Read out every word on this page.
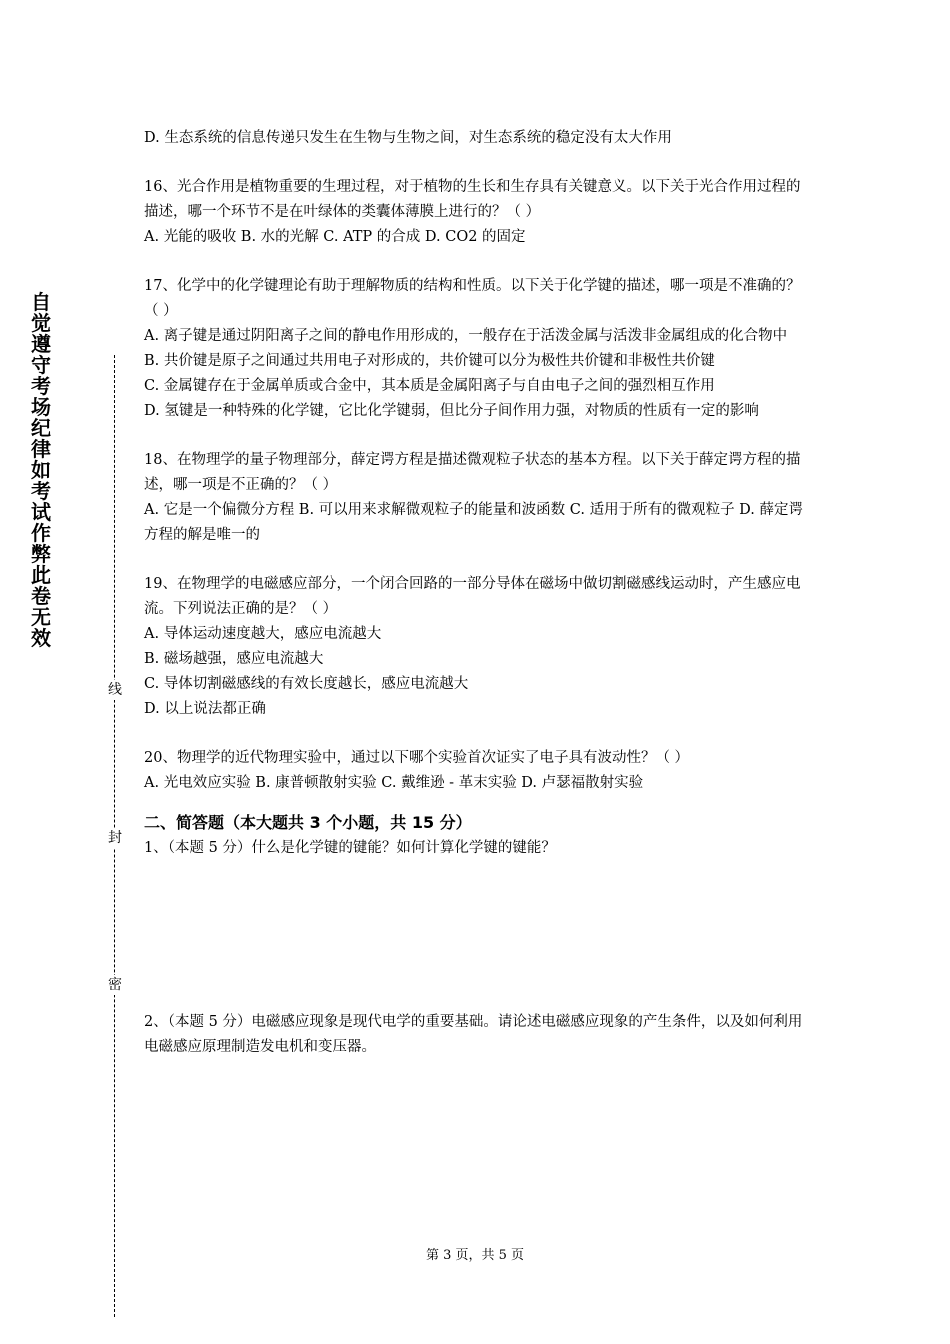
自觉遵守考场纪律如考试作弊此卷无效
线
封
密

D. 生态系统的信息传递只发生在生物与生物之间，对生态系统的稳定没有太大作用

16、光合作用是植物重要的生理过程，对于植物的生长和生存具有关键意义。以下关于光合作用过程的描述，哪一个环节不是在叶绿体的类囊体薄膜上进行的？（ ）

A. 光能的吸收 B. 水的光解 C. ATP 的合成 D. CO2 的固定

17、化学中的化学键理论有助于理解物质的结构和性质。以下关于化学键的描述，哪一项是不准确的？（ ）

A. 离子键是通过阴阳离子之间的静电作用形成的，一般存在于活泼金属与活泼非金属组成的化合物中

B. 共价键是原子之间通过共用电子对形成的，共价键可以分为极性共价键和非极性共价键

C. 金属键存在于金属单质或合金中，其本质是金属阳离子与自由电子之间的强烈相互作用

D. 氢键是一种特殊的化学键，它比化学键弱，但比分子间作用力强，对物质的性质有一定的影响

18、在物理学的量子物理部分，薛定谔方程是描述微观粒子状态的基本方程。以下关于薛定谔方程的描述，哪一项是不正确的？（ ）

A. 它是一个偏微分方程 B. 可以用来求解微观粒子的能量和波函数 C. 适用于所有的微观粒子 D. 薛定谔方程的解是唯一的

19、在物理学的电磁感应部分，一个闭合回路的一部分导体在磁场中做切割磁感线运动时，产生感应电流。下列说法正确的是？（ ）

A. 导体运动速度越大，感应电流越大

B. 磁场越强，感应电流越大

C. 导体切割磁感线的有效长度越长，感应电流越大

D. 以上说法都正确

20、物理学的近代物理实验中，通过以下哪个实验首次证实了电子具有波动性？（ ）

A. 光电效应实验 B. 康普顿散射实验 C. 戴维逊 - 革末实验 D. 卢瑟福散射实验

二、简答题（本大题共 3 个小题，共 15 分）

1、（本题 5 分）什么是化学键的键能？如何计算化学键的键能？

2、（本题 5 分）电磁感应现象是现代电学的重要基础。请论述电磁感应现象的产生条件，以及如何利用电磁感应原理制造发电机和变压器。

第 3 页，共 5 页
